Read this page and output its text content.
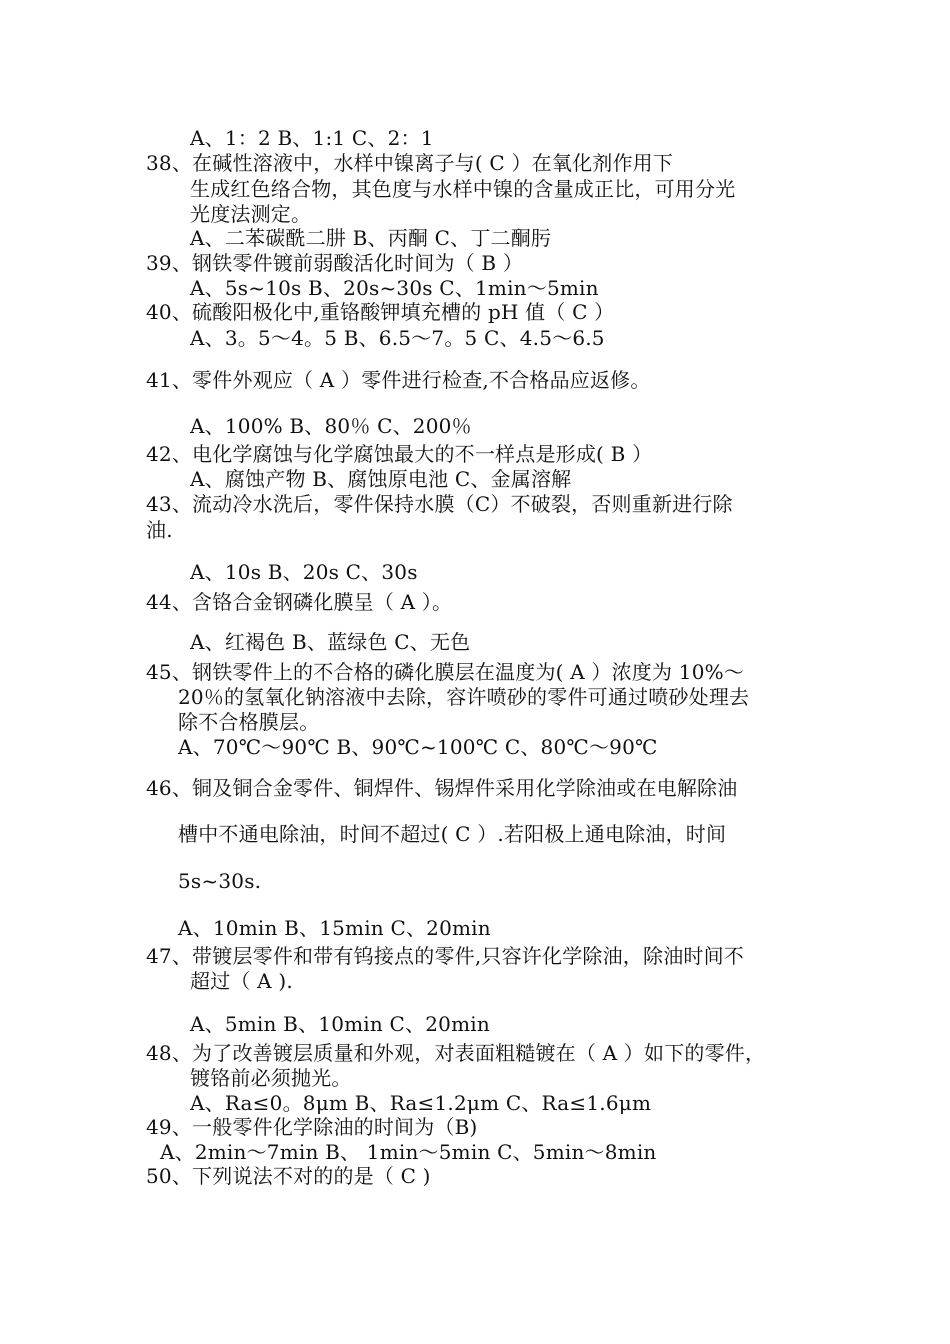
A、1：2 B、1:1 C、2：1
38、在碱性溶液中，水样中镍离子与( C ）在氧化剂作用下
生成红色络合物，其色度与水样中镍的含量成正比，可用分光
光度法测定。
A、二苯碳酰二肼 B、丙酮 C、丁二酮肟
39、钢铁零件镀前弱酸活化时间为（ B ）
A、5s~10s B、20s~30s C、1min～5min
40、硫酸阳极化中,重铬酸钾填充槽的 pH 值（ C ）
A、3。5～4。5 B、6.5～7。5 C、4.5～6.5
41、零件外观应（ A ）零件进行检查,不合格品应返修。
A、100% B、80％ C、200％
42、电化学腐蚀与化学腐蚀最大的不一样点是形成( B ）
A、腐蚀产物 B、腐蚀原电池 C、金属溶解
43、流动冷水洗后，零件保持水膜（C）不破裂，否则重新进行除
油.
A、10s B、20s C、30s
44、含铬合金钢磷化膜呈（ A ）。
A、红褐色 B、蓝绿色 C、无色
45、钢铁零件上的不合格的磷化膜层在温度为( A ）浓度为 10%～
20％的氢氧化钠溶液中去除，容许喷砂的零件可通过喷砂处理去
除不合格膜层。
A、70℃～90℃ B、90℃~100℃ C、80℃～90℃
46、铜及铜合金零件、铜焊件、锡焊件采用化学除油或在电解除油
槽中不通电除油，时间不超过( C ）.若阳极上通电除油，时间
5s~30s.
A、10min B、15min C、20min
47、带镀层零件和带有钨接点的零件,只容许化学除油，除油时间不
超过（ A ).
A、5min B、10min C、20min
48、为了改善镀层质量和外观，对表面粗糙镀在（ A ）如下的零件，
镀铬前必须抛光。
A、Ra≤0。8μm B、Ra≤1.2μm C、Ra≤1.6μm
49、一般零件化学除油的时间为（B)
A、2min～7min B、 1min～5min C、5min～8min
50、下列说法不对的的是（ C )
